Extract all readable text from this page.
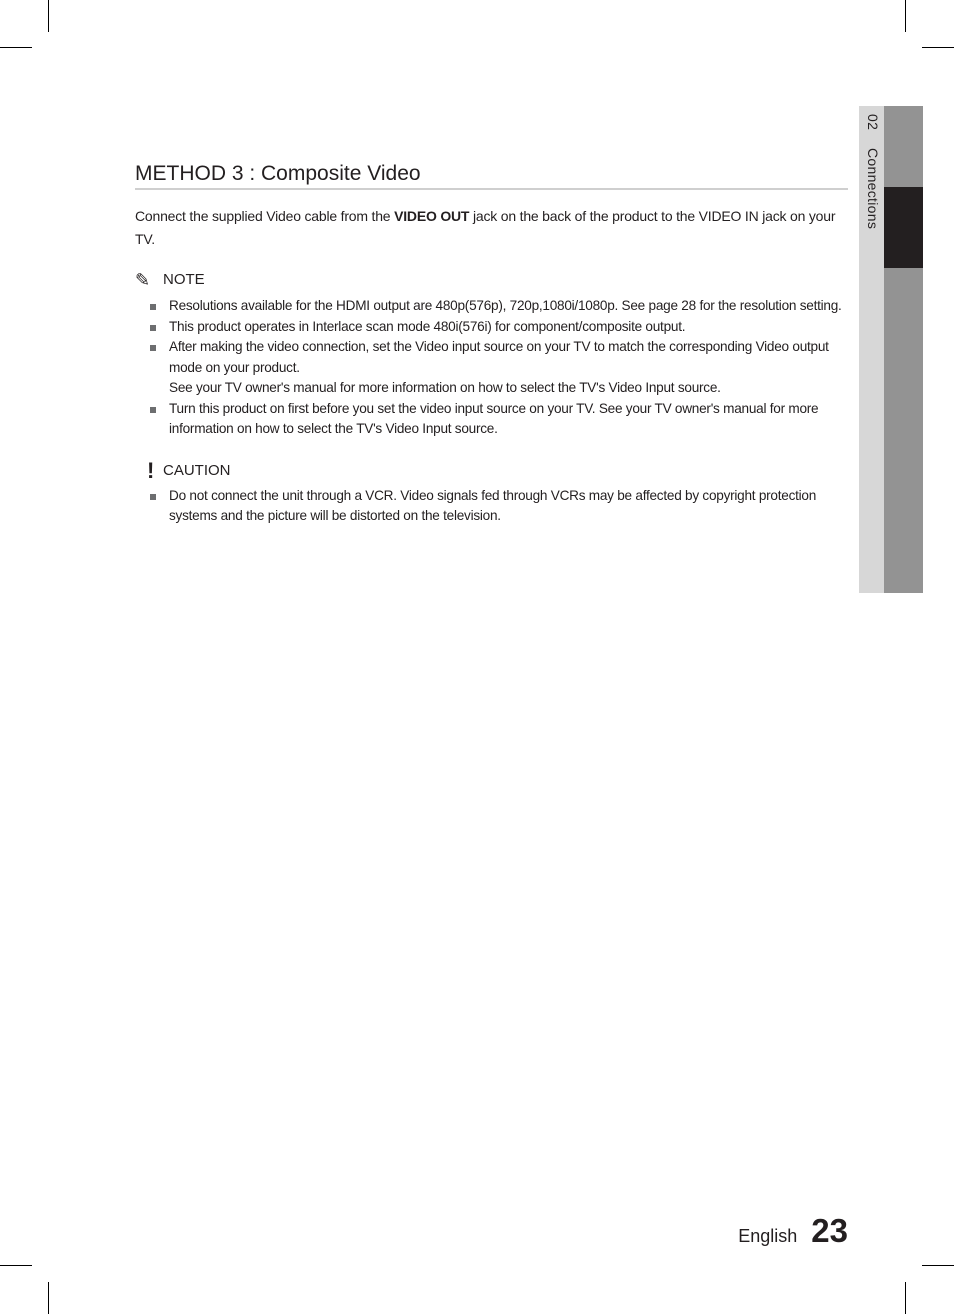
02 Connections
METHOD 3 : Composite Video

Connect the supplied Video cable from the VIDEO OUT jack on the back of the product to the VIDEO IN jack on your TV.

✎ NOTE
Resolutions available for the HDMI output are 480p(576p), 720p,1080i/1080p. See page 28 for the resolution setting.
This product operates in Interlace scan mode 480i(576i) for component/composite output.
After making the video connection, set the Video input source on your TV to match the corresponding Video output mode on your product.
See your TV owner's manual for more information on how to select the TV's Video Input source.
Turn this product on first before you set the video input source on your TV. See your TV owner's manual for more information on how to select the TV's Video Input source.
! CAUTION
Do not connect the unit through a VCR. Video signals fed through VCRs may be affected by copyright protection systems and the picture will be distorted on the television.
English 23
